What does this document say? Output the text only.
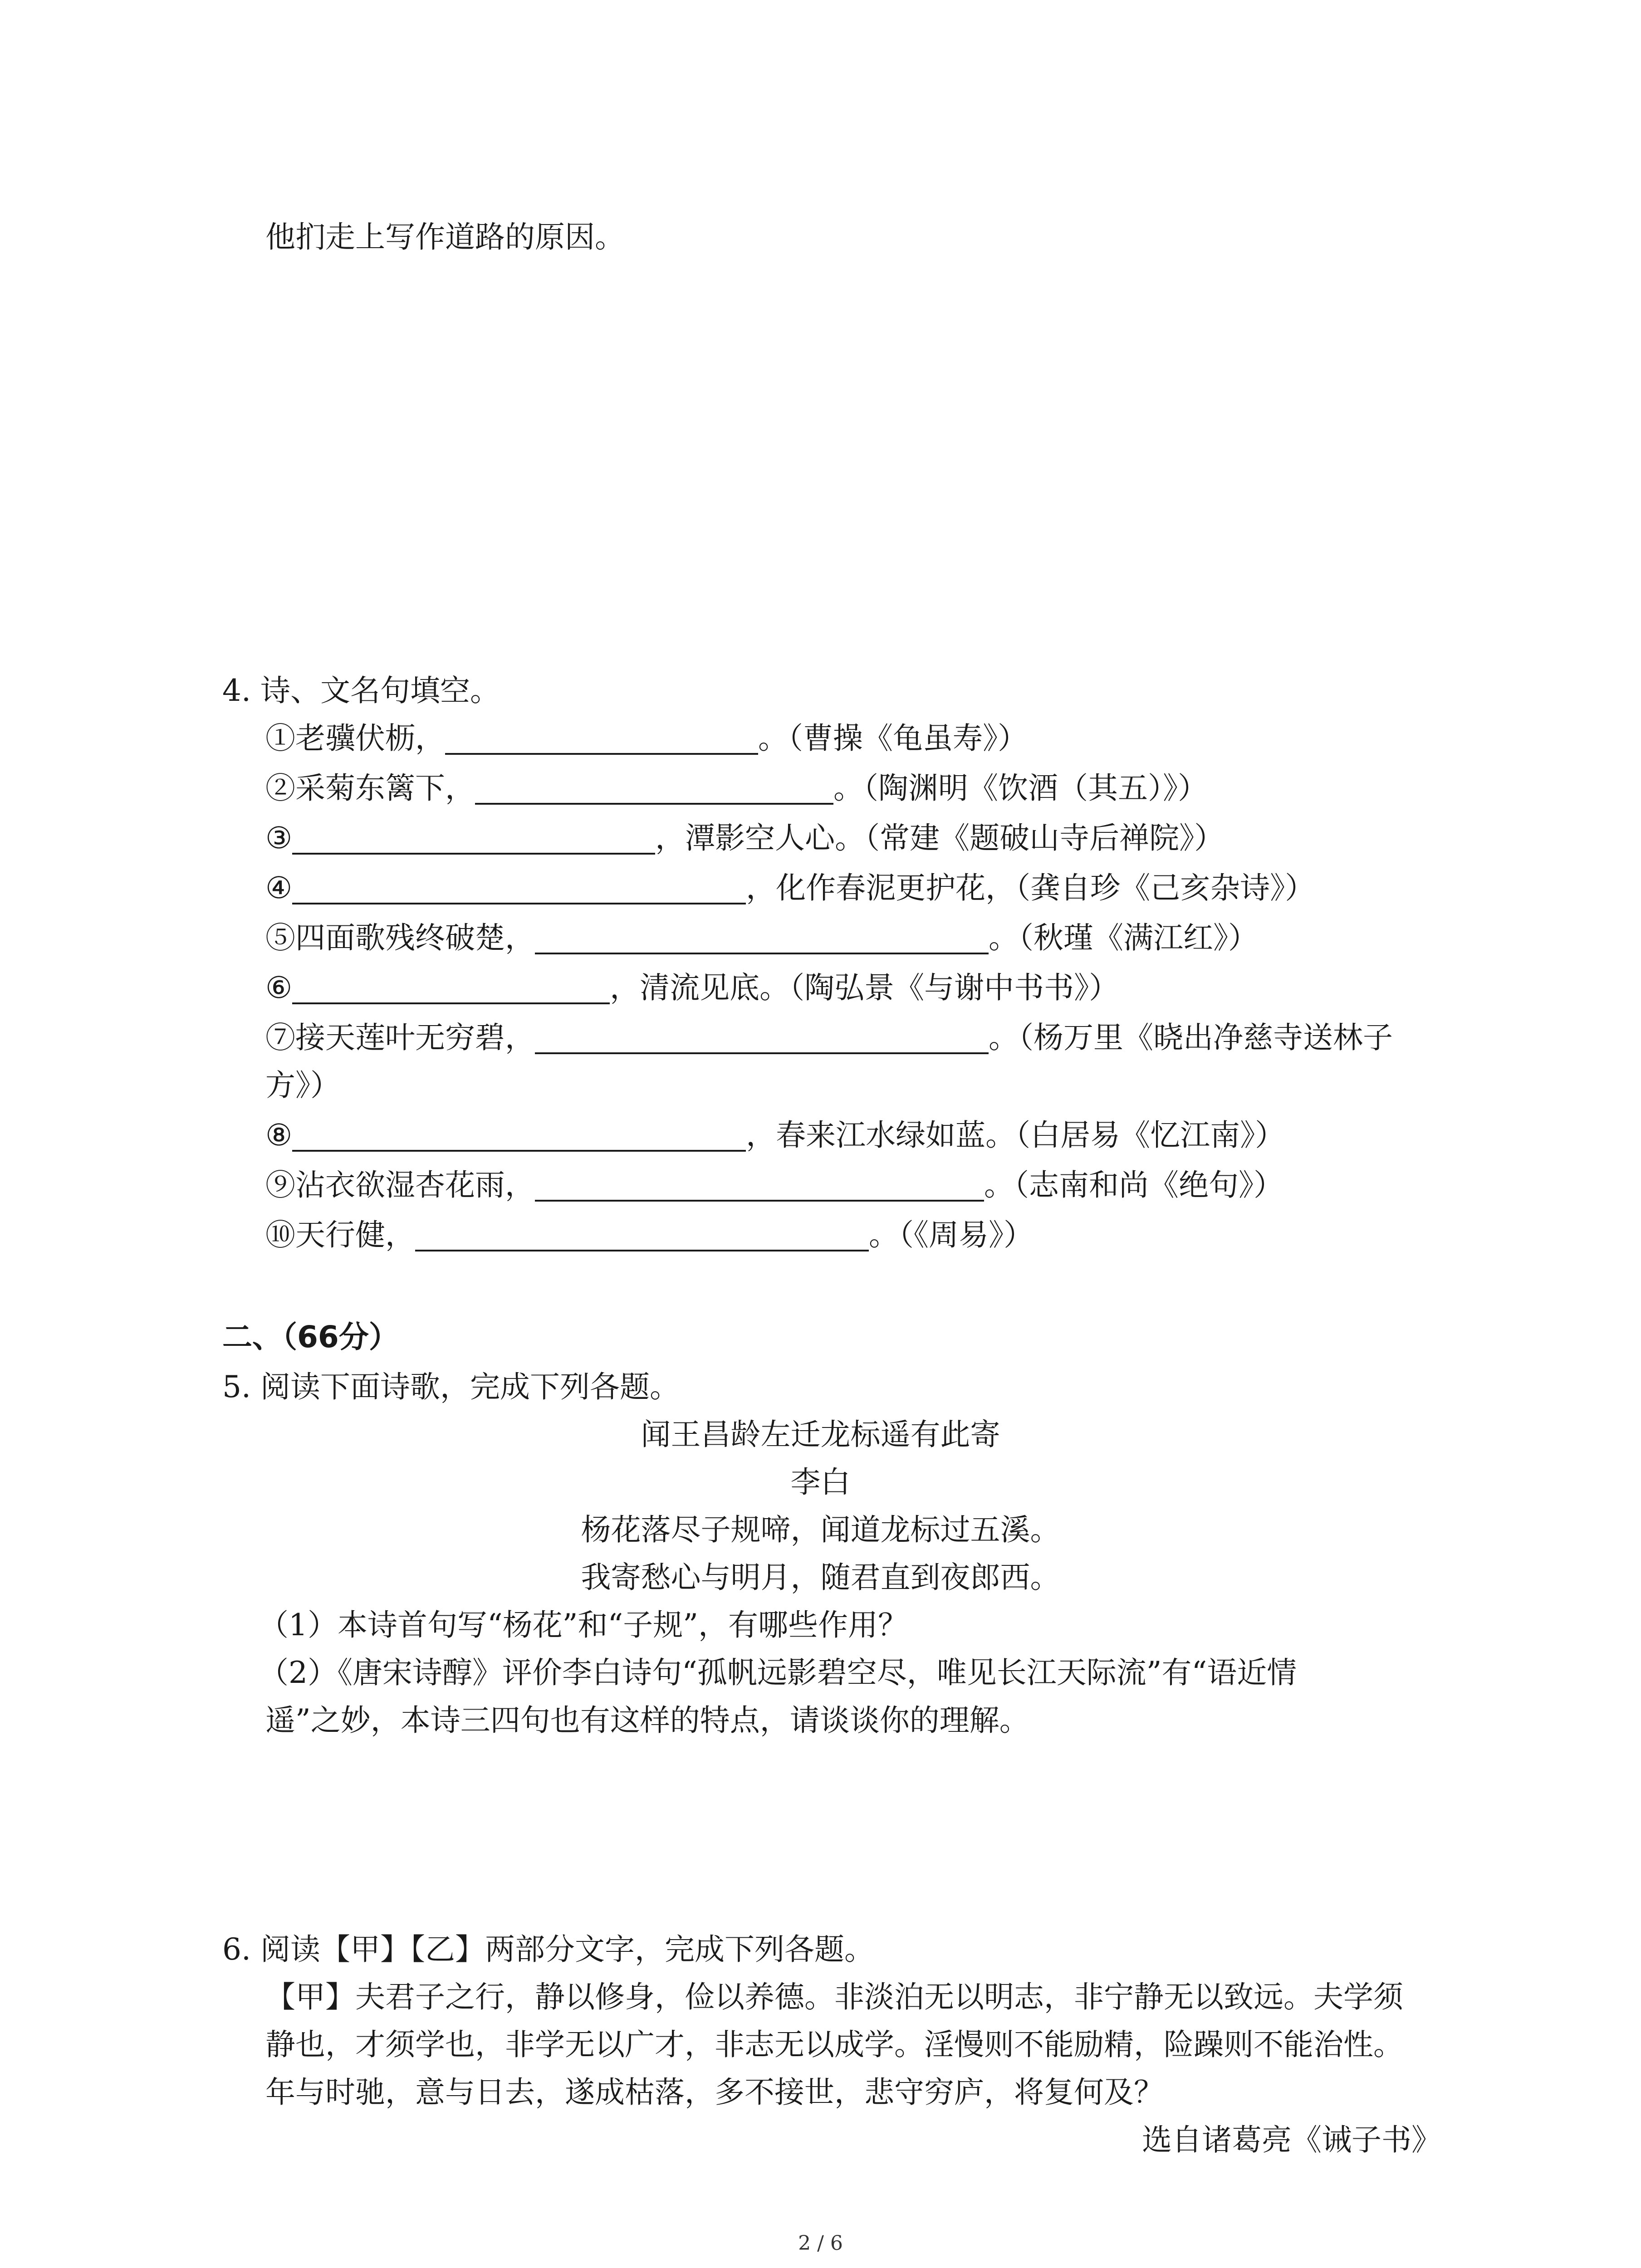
他扪走上写作道路的原因。
4. 诗、文名句填空。
①老骥伏枥，	。（曹操《龟虽寿》）
②采菊东篱下，	。（陶渊明《饮酒（其五）》）
③	，潭影空人心。（常建《题破山寺后禅院》）
④	，化作春泥更护花，（龚自珍《己亥杂诗》）
⑤四面歌残终破楚，	。（秋瑾《满江红》）
⑥	，清流见底。（陶弘景《与谢中书书》）
⑦接天莲叶无穷碧，	。（杨万里《晓出净慈寺送林子
方》）
⑧	，春来江水绿如蓝。（白居易《忆江南》）
⑨沾衣欲湿杏花雨，	。（志南和尚《绝句》）
⑩天行健，	。（《周易》）
二、（66分）
5. 阅读下面诗歌，完成下列各题。
闻王昌龄左迁龙标遥有此寄
李白
杨花落尽子规啼，闻道龙标过五溪。
我寄愁心与明月，随君直到夜郎西。
（1）本诗首句写“杨花”和“子规”，有哪些作用？
（2）《唐宋诗醇》评价李白诗句“孤帆远影碧空尽，唯见长江天际流”有“语近情
遥”之妙，本诗三四句也有这样的特点，请谈谈你的理解。
6. 阅读【甲】【乙】两部分文字，完成下列各题。
【甲】夫君子之行，静以修身，俭以养德。非淡泊无以明志，非宁静无以致远。夫学须
静也，才须学也，非学无以广才，非志无以成学。淫慢则不能励精，险躁则不能治性。
年与时驰，意与日去，遂成枯落，多不接世，悲守穷庐，将复何及？
选自诸葛亮《诫子书》
2 / 6
